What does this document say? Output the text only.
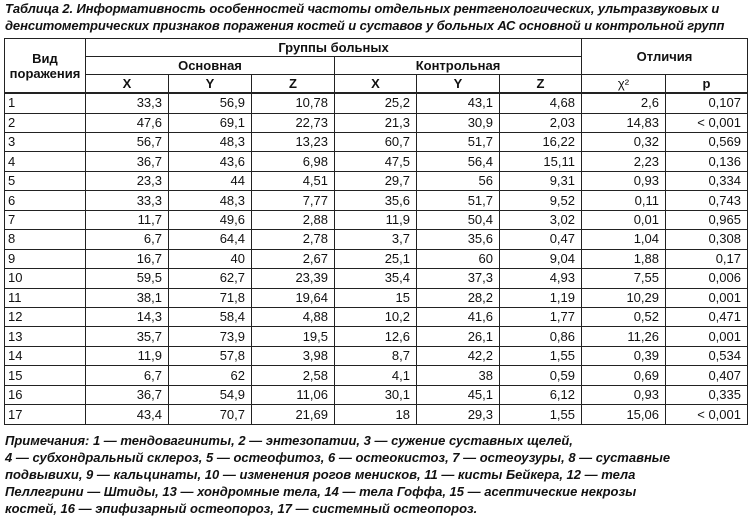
Таблица 2. Информативность особенностей частоты отдельных рентгенологических, ультразвуковых и
денситометрических признаков поражения костей и суставов у больных АС основной и контрольной групп
Вид поражения	Группы больных						Отличия	
	Основная			Контрольная				
	X	Y	Z	X	Y	Z	χ²	p
1	33,3	56,9	10,78	25,2	43,1	4,68	2,6	0,107
2	47,6	69,1	22,73	21,3	30,9	2,03	14,83	< 0,001
3	56,7	48,3	13,23	60,7	51,7	16,22	0,32	0,569
4	36,7	43,6	6,98	47,5	56,4	15,11	2,23	0,136
5	23,3	44	4,51	29,7	56	9,31	0,93	0,334
6	33,3	48,3	7,77	35,6	51,7	9,52	0,11	0,743
7	11,7	49,6	2,88	11,9	50,4	3,02	0,01	0,965
8	6,7	64,4	2,78	3,7	35,6	0,47	1,04	0,308
9	16,7	40	2,67	25,1	60	9,04	1,88	0,17
10	59,5	62,7	23,39	35,4	37,3	4,93	7,55	0,006
11	38,1	71,8	19,64	15	28,2	1,19	10,29	0,001
12	14,3	58,4	4,88	10,2	41,6	1,77	0,52	0,471
13	35,7	73,9	19,5	12,6	26,1	0,86	11,26	0,001
14	11,9	57,8	3,98	8,7	42,2	1,55	0,39	0,534
15	6,7	62	2,58	4,1	38	0,59	0,69	0,407
16	36,7	54,9	11,06	30,1	45,1	6,12	0,93	0,335
17	43,4	70,7	21,69	18	29,3	1,55	15,06	< 0,001
Примечания: 1 — тендовагиниты, 2 — энтезопатии, 3 — сужение суставных щелей,
4 — субхондральный склероз, 5 — остеофитоз, 6 — остеокистоз, 7 — остеоузуры, 8 — суставные
подвывихи, 9 — кальцинаты, 10 — изменения рогов менисков, 11 — кисты Бейкера, 12 — тела
Пеллегрини — Штиды, 13 — хондромные тела, 14 — тела Гоффа, 15 — асептические некрозы
костей, 16 — эпифизарный остеопороз, 17 — системный остеопороз.
